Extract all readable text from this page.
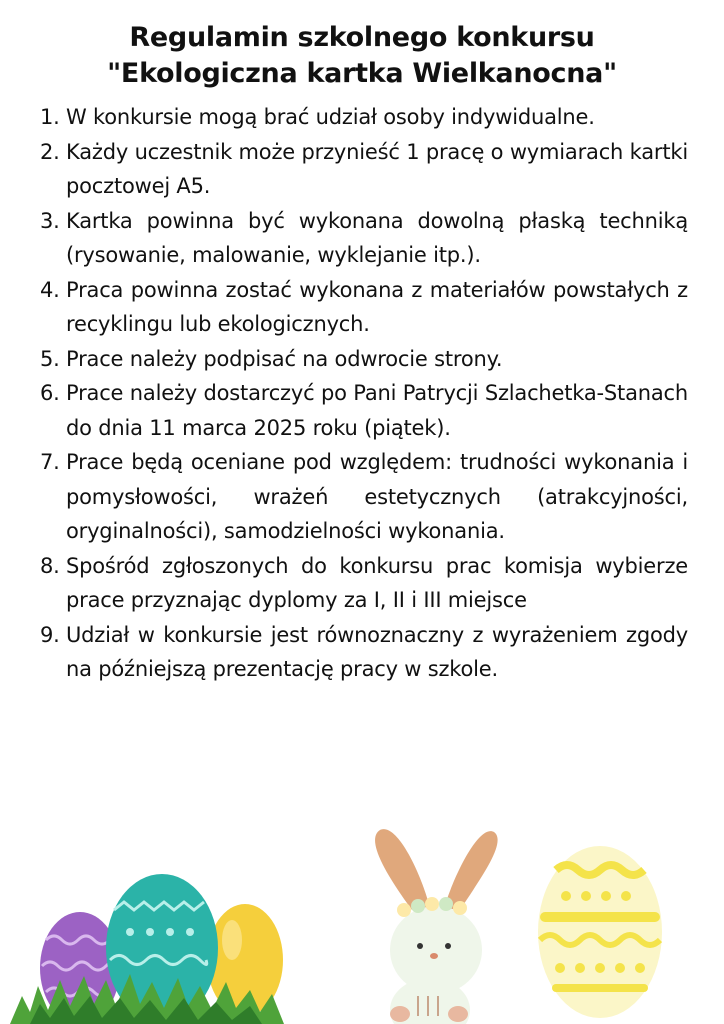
Regulamin szkolnego konkursu "Ekologiczna kartka Wielkanocna"
1. W konkursie mogą brać udział osoby indywidualne.
2. Każdy uczestnik może przynieść 1 pracę o wymiarach kartki pocztowej A5.
3. Kartka powinna być wykonana dowolną płaską techniką (rysowanie, malowanie, wyklejanie itp.).
4. Praca powinna zostać wykonana z materiałów powstałych z recyklingu lub ekologicznych.
5. Prace należy podpisać na odwrocie strony.
6. Prace należy dostarczyć po Pani Patrycji Szlachetka-Stanach do dnia 11 marca 2025 roku (piątek).
7. Prace będą oceniane pod względem: trudności wykonania i pomysłowości, wrażeń estetycznych (atrakcyjności, oryginalności), samodzielności wykonania.
8. Spośród zgłoszonych do konkursu prac komisja wybierze prace przyznając dyplomy za I, II i III miejsce
9. Udział w konkursie jest równoznaczny z wyrażeniem zgody na późniejszą prezentację pracy w szkole.
